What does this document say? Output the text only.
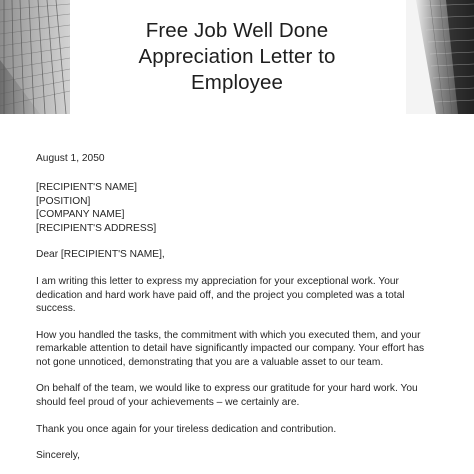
Free Job Well Done
Appreciation Letter to
Employee

August 1, 2050

[RECIPIENT'S NAME]
[POSITION]
[COMPANY NAME]
[RECIPIENT'S ADDRESS]

Dear [RECIPIENT'S NAME],

I am writing this letter to express my appreciation for your exceptional work. Your dedication and hard work have paid off, and the project you completed was a total success.

How you handled the tasks, the commitment with which you executed them, and your remarkable attention to detail have significantly impacted our company. Your effort has not gone unnoticed, demonstrating that you are a valuable asset to our team.

On behalf of the team, we would like to express our gratitude for your hard work. You should feel proud of your achievements – we certainly are.

Thank you once again for your tireless dedication and contribution.

Sincerely,
